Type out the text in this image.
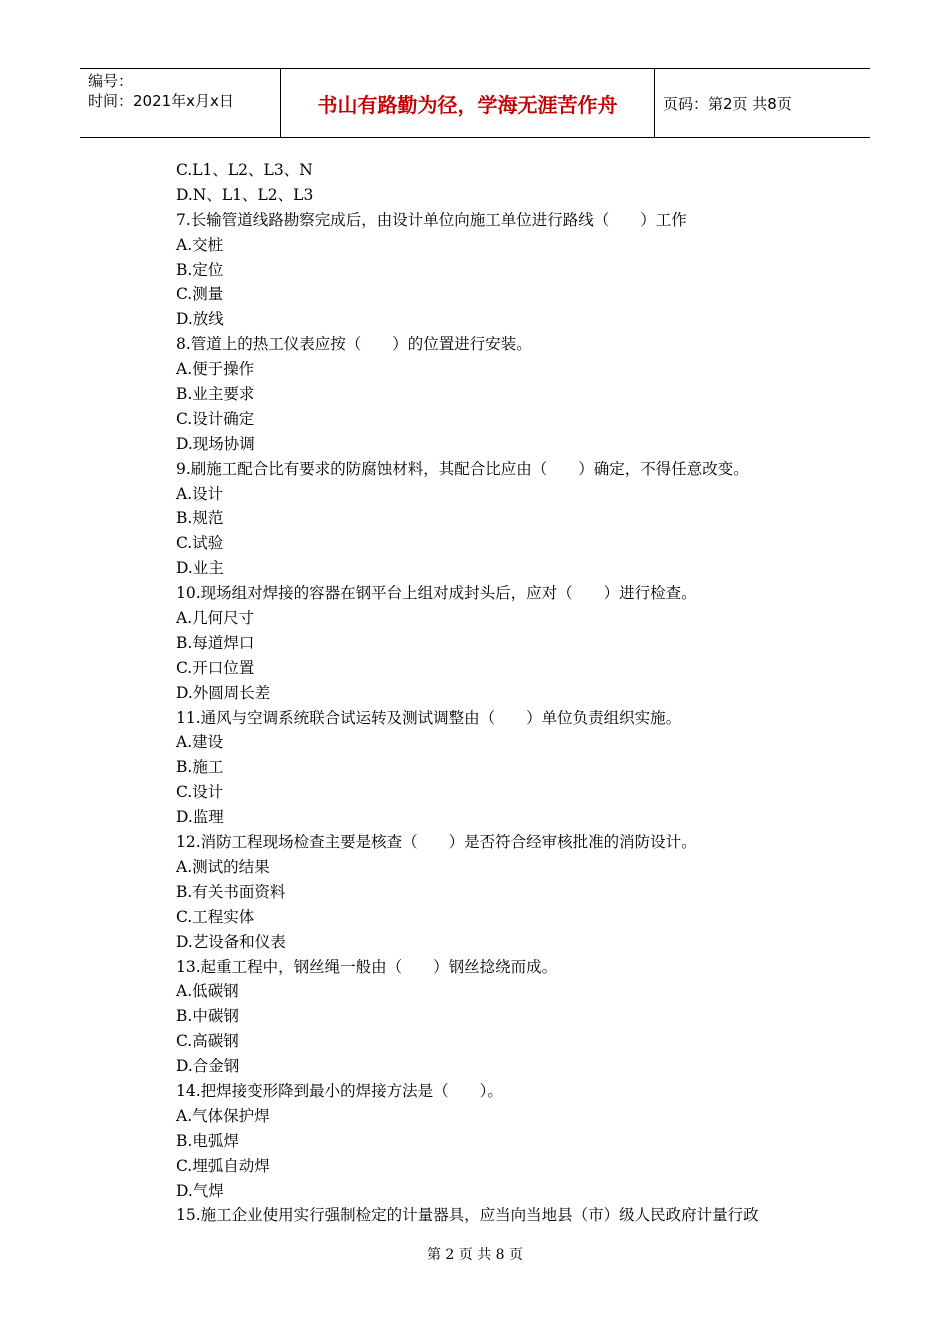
编号：
时间：2021年x月x日	书山有路勤为径，学海无涯苦作舟	页码：第2页 共8页
C.L1、L2、L3、N
D.N、L1、L2、L3
7.长输管道线路勘察完成后，由设计单位向施工单位进行路线（　　）工作
A.交桩
B.定位
C.测量
D.放线
8.管道上的热工仪表应按（　　）的位置进行安装。
A.便于操作
B.业主要求
C.设计确定
D.现场协调
9.刷施工配合比有要求的防腐蚀材料，其配合比应由（　　）确定，不得任意改变。
A.设计
B.规范
C.试验
D.业主
10.现场组对焊接的容器在钢平台上组对成封头后，应对（　　）进行检查。
A.几何尺寸
B.每道焊口
C.开口位置
D.外圆周长差
11.通风与空调系统联合试运转及测试调整由（　　）单位负责组织实施。
A.建设
B.施工
C.设计
D.监理
12.消防工程现场检查主要是核查（　　）是否符合经审核批准的消防设计。
A.测试的结果
B.有关书面资料
C.工程实体
D.艺设备和仪表
13.起重工程中，钢丝绳一般由（　　）钢丝捻绕而成。
A.低碳钢
B.中碳钢
C.高碳钢
D.合金钢
14.把焊接变形降到最小的焊接方法是（　　）。
A.气体保护焊
B.电弧焊
C.埋弧自动焊
D.气焊
15.施工企业使用实行强制检定的计量器具，应当向当地县（市）级人民政府计量行政
第 2 页 共 8 页
